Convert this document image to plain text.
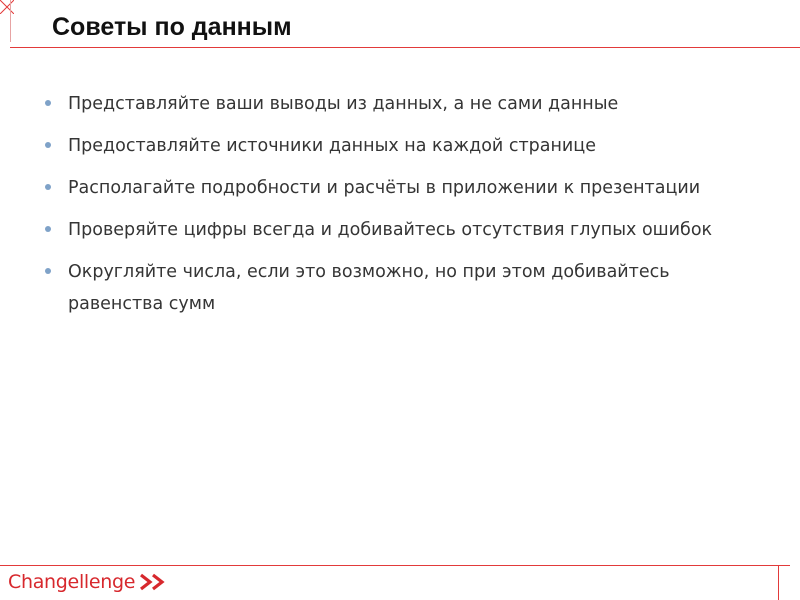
Советы по данным
Представляйте ваши выводы из данных, а не сами данные
Предоставляйте источники данных на каждой странице
Располагайте подробности и расчёты в приложении к презентации
Проверяйте цифры всегда и добивайтесь отсутствия глупых ошибок
Округляйте числа, если это возможно, но при этом добивайтесь равенства сумм
Changellenge
